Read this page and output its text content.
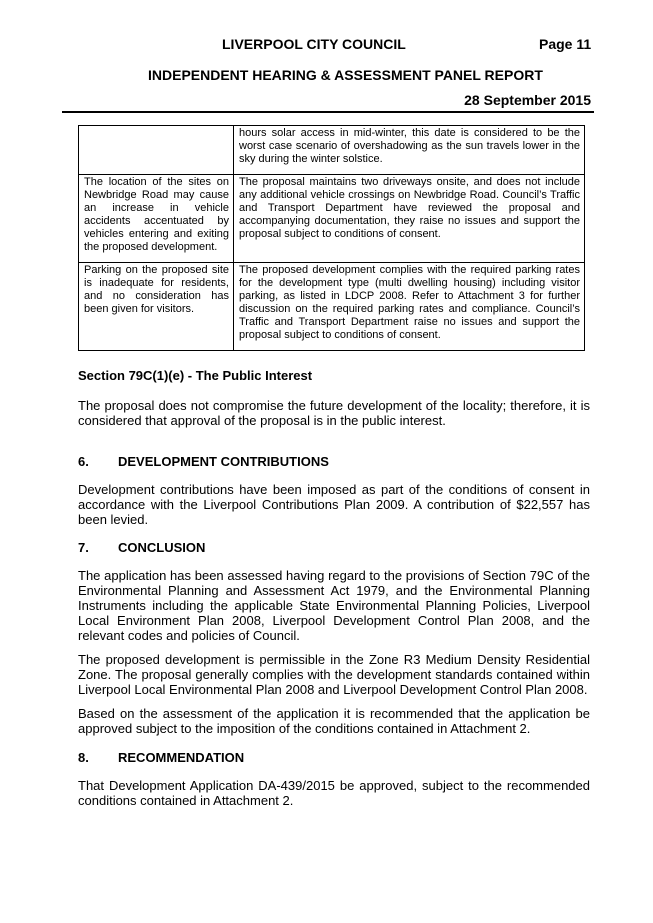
LIVERPOOL CITY COUNCIL	Page 11
INDEPENDENT HEARING & ASSESSMENT PANEL REPORT
28 September 2015
	hours solar access in mid-winter, this date is considered to be the worst case scenario of overshadowing as the sun travels lower in the sky during the winter solstice.
The location of the sites on Newbridge Road may cause an increase in vehicle accidents accentuated by vehicles entering and exiting the proposed development.	The proposal maintains two driveways onsite, and does not include any additional vehicle crossings on Newbridge Road. Council’s Traffic and Transport Department have reviewed the proposal and accompanying documentation, they raise no issues and support the proposal subject to conditions of consent.
Parking on the proposed site is inadequate for residents, and no consideration has been given for visitors.	The proposed development complies with the required parking rates for the development type (multi dwelling housing) including visitor parking, as listed in LDCP 2008. Refer to Attachment 3 for further discussion on the required parking rates and compliance. Council’s Traffic and Transport Department raise no issues and support the proposal subject to conditions of consent.
Section 79C(1)(e) - The Public Interest
The proposal does not compromise the future development of the locality; therefore, it is considered that approval of the proposal is in the public interest.
6. DEVELOPMENT CONTRIBUTIONS
Development contributions have been imposed as part of the conditions of consent in accordance with the Liverpool Contributions Plan 2009. A contribution of $22,557 has been levied.
7. CONCLUSION
The application has been assessed having regard to the provisions of Section 79C of the Environmental Planning and Assessment Act 1979, and the Environmental Planning Instruments including the applicable State Environmental Planning Policies, Liverpool Local Environment Plan 2008, Liverpool Development Control Plan 2008, and the relevant codes and policies of Council.
The proposed development is permissible in the Zone R3 Medium Density Residential Zone. The proposal generally complies with the development standards contained within Liverpool Local Environmental Plan 2008 and Liverpool Development Control Plan 2008.
Based on the assessment of the application it is recommended that the application be approved subject to the imposition of the conditions contained in Attachment 2.
8. RECOMMENDATION
That Development Application DA-439/2015 be approved, subject to the recommended conditions contained in Attachment 2.
